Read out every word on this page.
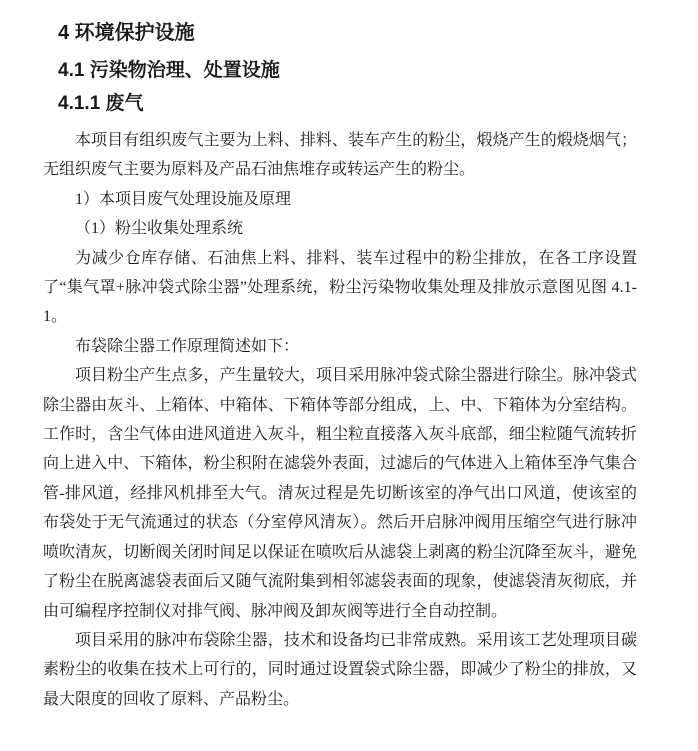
4 环境保护设施
4.1 污染物治理、处置设施
4.1.1 废气

本项目有组织废气主要为上料、排料、装车产生的粉尘，煅烧产生的煅烧烟气；无组织废气主要为原料及产品石油焦堆存或转运产生的粉尘。

1）本项目废气处理设施及原理

（1）粉尘收集处理系统

为减少仓库存储、石油焦上料、排料、装车过程中的粉尘排放，在各工序设置了“集气罩+脉冲袋式除尘器”处理系统，粉尘污染物收集处理及排放示意图见图 4.1-1。

布袋除尘器工作原理简述如下：

项目粉尘产生点多，产生量较大，项目采用脉冲袋式除尘器进行除尘。脉冲袋式除尘器由灰斗、上箱体、中箱体、下箱体等部分组成，上、中、下箱体为分室结构。工作时，含尘气体由进风道进入灰斗，粗尘粒直接落入灰斗底部，细尘粒随气流转折向上进入中、下箱体，粉尘积附在滤袋外表面，过滤后的气体进入上箱体至净气集合管-排风道，经排风机排至大气。清灰过程是先切断该室的净气出口风道，使该室的布袋处于无气流通过的状态（分室停风清灰）。然后开启脉冲阀用压缩空气进行脉冲喷吹清灰，切断阀关闭时间足以保证在喷吹后从滤袋上剥离的粉尘沉降至灰斗，避免了粉尘在脱离滤袋表面后又随气流附集到相邻滤袋表面的现象，使滤袋清灰彻底，并由可编程序控制仪对排气阀、脉冲阀及卸灰阀等进行全自动控制。

项目采用的脉冲布袋除尘器，技术和设备均已非常成熟。采用该工艺处理项目碳素粉尘的收集在技术上可行的，同时通过设置袋式除尘器，即减少了粉尘的排放，又最大限度的回收了原料、产品粉尘。
